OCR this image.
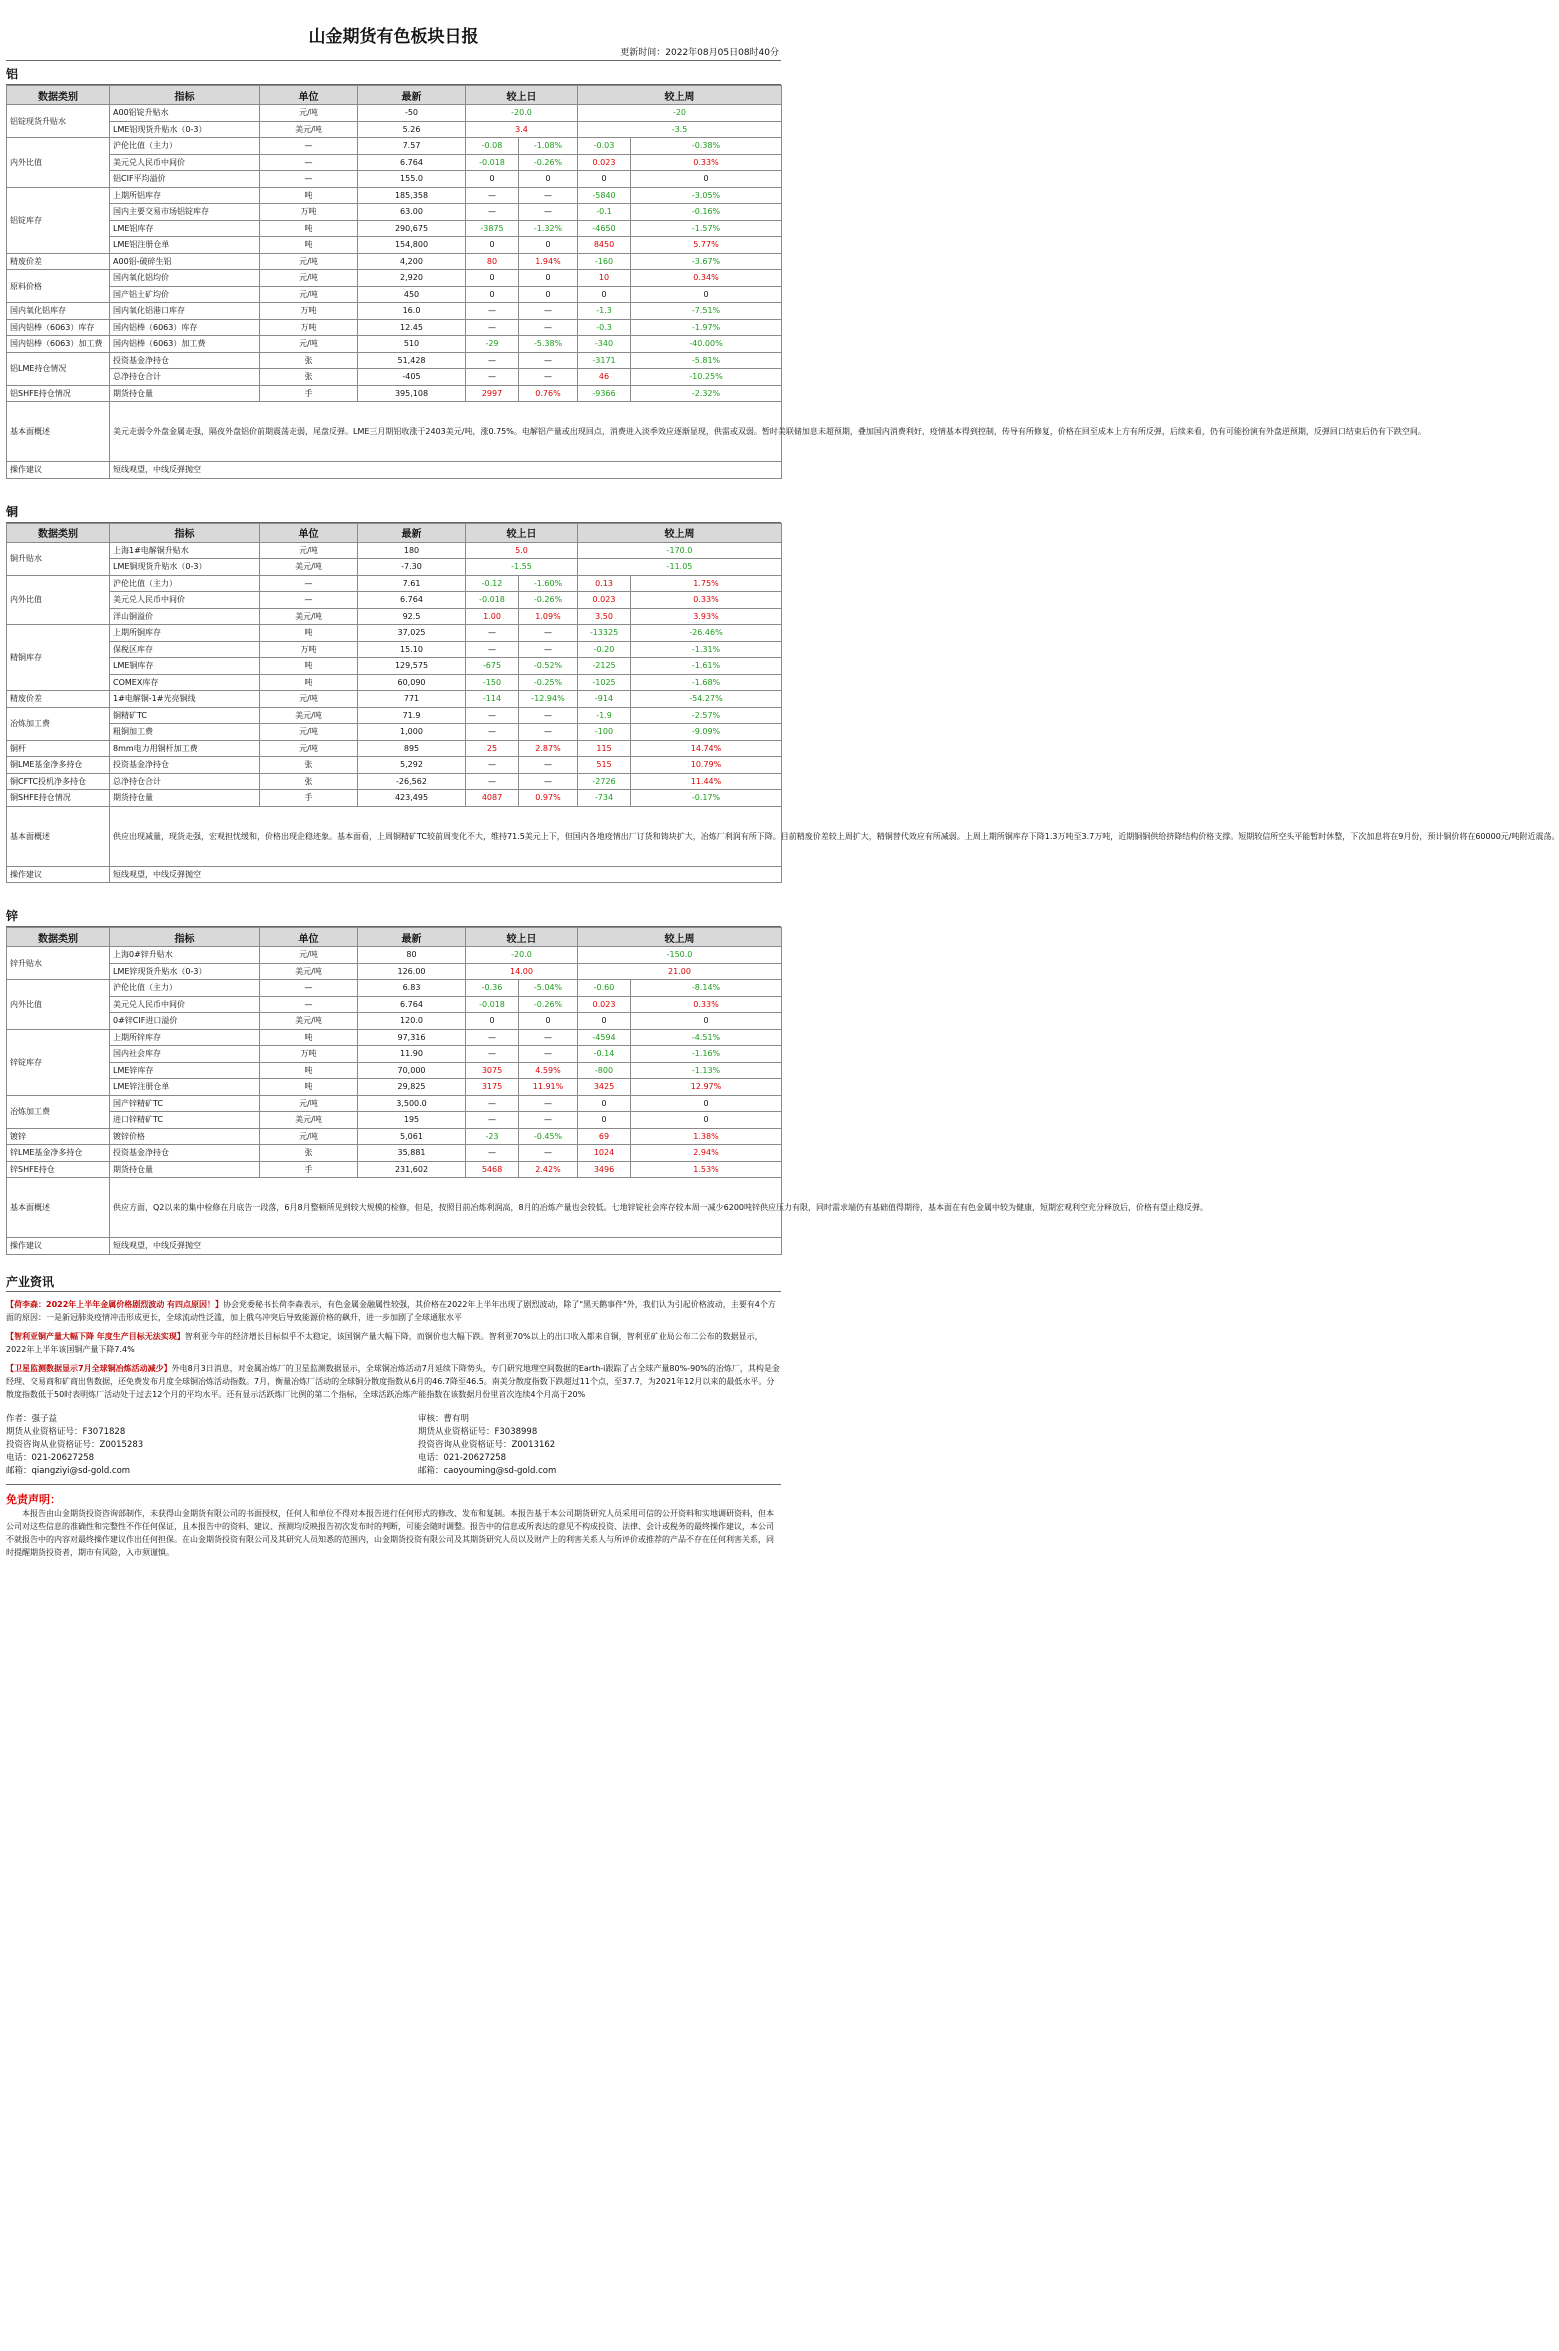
山金期货有色板块日报
更新时间：2022年08月05日08时40分
铝
数据类别	指标	单位	最新	较上日		较上周	
铝锭现货升贴水	A00铝锭升贴水	元/吨	-50	-20.0		-20	
	LME铝现货升贴水（0-3）	美元/吨	5.26	3.4		-3.5	
内外比值	沪伦比值（主力）	—	7.57	-0.08	-1.08%	-0.03	-0.38%
	美元兑人民币中间价	—	6.764	-0.018	-0.26%	0.023	0.33%
	铝CIF平均溢价	—	155.0	0	0	0	0
铝锭库存	上期所铝库存	吨	185,358	—	—	-5840	-3.05%
	国内主要交易市场铝锭库存	万吨	63.00	—	—	-0.1	-0.16%
	LME铝库存	吨	290,675	-3875	-1.32%	-4650	-1.57%
	LME铝注册仓单	吨	154,800	0	0	8450	5.77%
精废价差	A00铝-破碎生铝	元/吨	4,200	80	1.94%	-160	-3.67%
原料价格	国内氧化铝均价	元/吨	2,920	0	0	10	0.34%
	国产铝土矿均价	元/吨	450	0	0	0	0
国内氧化铝库存	国内氧化铝港口库存	万吨	16.0	—	—	-1.3	-7.51%
国内铝棒（6063）库存	国内铝棒（6063）库存	万吨	12.45	—	—	-0.3	-1.97%
国内铝棒（6063）加工费	国内铝棒（6063）加工费	元/吨	510	-29	-5.38%	-340	-40.00%
铝LME持仓情况	投资基金净持仓	张	51,428	—	—	-3171	-5.81%
	总净持仓合计	张	-405	—	—	46	-10.25%
铝SHFE持仓情况	期货持仓量	手	395,108	2997	0.76%	-9366	-2.32%
基本面概述	美元走弱令外盘金属走强，隔夜外盘铝价前期震荡走弱，尾盘反弹。LME三月期铝收涨于2403美元/吨，涨0.75%。电解铝产量或出现回点，消费进入淡季效应逐渐显现，供需或双弱。暂时美联储加息未超预期，叠加国内消费利好，疫情基本得到控制，传导有所修复，价格在回至成本上方有所反弹，后续来看，仍有可能扮演有外盘逆预期，反弹回口结束后仍有下跌空间。						
操作建议	短线观望，中线反弹抛空						
铜
数据类别	指标	单位	最新	较上日		较上周	
铜升贴水	上海1#电解铜升贴水	元/吨	180	5.0		-170.0	
	LME铜现货升贴水（0-3）	美元/吨	-7.30	-1.55		-11.05	
内外比值	沪伦比值（主力）	—	7.61	-0.12	-1.60%	0.13	1.75%
	美元兑人民币中间价	—	6.764	-0.018	-0.26%	0.023	0.33%
	洋山铜溢价	美元/吨	92.5	1.00	1.09%	3.50	3.93%
精铜库存	上期所铜库存	吨	37,025	—	—	-13325	-26.46%
	保税区库存	万吨	15.10	—	—	-0.20	-1.31%
	LME铜库存	吨	129,575	-675	-0.52%	-2125	-1.61%
	COMEX库存	吨	60,090	-150	-0.25%	-1025	-1.68%
精废价差	1#电解铜-1#光亮铜线	元/吨	771	-114	-12.94%	-914	-54.27%
冶炼加工费	铜精矿TC	美元/吨	71.9	—	—	-1.9	-2.57%
	粗铜加工费	元/吨	1,000	—	—	-100	-9.09%
铜杆	8mm电力用铜杆加工费	元/吨	895	25	2.87%	115	14.74%
铜LME基金净多持仓	投资基金净持仓	张	5,292	—	—	515	10.79%
铜CFTC投机净多持仓	总净持仓合计	张	-26,562	—	—	-2726	11.44%
铜SHFE持仓情况	期货持仓量	手	423,495	4087	0.97%	-734	-0.17%
基本面概述	供应出现减量，现货走强，宏观担忧缓和，价格出现企稳迹象。基本面看，上周铜精矿TC较前周变化不大，维持71.5美元上下，但国内各地疫情出厂订货和铸块扩大，冶炼厂利润有所下降。目前精废价差较上周扩大，精铜替代效应有所减弱。上周上期所铜库存下降1.3万吨至3.7万吨，近期铜铜供给挤降结构价格支撑。短期较信所空头平能暂时休整，下次加息将在9月份，预计铜价将在60000元/吨附近震荡。						
操作建议	短线观望，中线反弹抛空						
锌
数据类别	指标	单位	最新	较上日		较上周	
锌升贴水	上海0#锌升贴水	元/吨	80	-20.0		-150.0	
	LME锌现货升贴水（0-3）	美元/吨	126.00	14.00		21.00	
内外比值	沪伦比值（主力）	—	6.83	-0.36	-5.04%	-0.60	-8.14%
	美元兑人民币中间价	—	6.764	-0.018	-0.26%	0.023	0.33%
	0#锌CIF进口溢价	美元/吨	120.0	0	0	0	0
锌锭库存	上期所锌库存	吨	97,316	—	—	-4594	-4.51%
	国内社会库存	万吨	11.90	—	—	-0.14	-1.16%
	LME锌库存	吨	70,000	3075	4.59%	-800	-1.13%
	LME锌注册仓单	吨	29,825	3175	11.91%	3425	12.97%
冶炼加工费	国产锌精矿TC	元/吨	3,500.0	—	—	0	0
	进口锌精矿TC	美元/吨	195	—	—	0	0
镀锌	镀锌价格	元/吨	5,061	-23	-0.45%	69	1.38%
锌LME基金净多持仓	投资基金净持仓	张	35,881	—	—	1024	2.94%
锌SHFE持仓	期货持仓量	手	231,602	5468	2.42%	3496	1.53%
基本面概述	供应方面，Q2以来的集中检修在月底告一段落，6月8月整顿所见到较大规模的检修，但是，按照目前冶炼利润高，8月的冶炼产量也会较低。七地锌锭社会库存较本周一减少6200吨锌供应压力有限，同时需求端仍有基础值得期待，基本面在有色金属中较为健康，短期宏观利空充分释放后，价格有望止稳反弹。						
操作建议	短线观望，中线反弹抛空						
产业资讯
【荷李森：2022年上半年金属价格剧烈波动 有四点原因！】协会党委秘书长荷李森表示，有色金属金融属性较强，其价格在2022年上半年出现了剧烈波动，除了"黑天鹅事件"外，我们认为引起价格波动，主要有4个方面的原因：一是新冠肺炎疫情冲击形成更长，全球流动性泛滥，加上俄乌冲突后导致能源价格的飙升，进一步加剧了全球通胀水平
【智利亚铜产量大幅下降 年度生产目标无法实现】智利亚今年的经济增长目标似乎不太稳定，该国铜产量大幅下降，而铜价也大幅下跌。智利亚70%以上的出口收入都来自铜，智利亚矿业局公布二公布的数据显示，2022年上半年该国铜产量下降7.4%
【卫星监测数据显示7月全球铜冶炼活动减少】外电8月3日消息，对金属冶炼厂的卫星监测数据显示，全球铜冶炼活动7月延续下降势头，专门研究地理空间数据的Earth-i跟踪了占全球产量80%-90%的冶炼厂，其构是金经理、交易商和矿商出售数据，还免费发布月度全球铜冶炼活动指数。7月，衡量冶炼厂活动的全球铜分散度指数从6月的46.7降至46.5。南美分散度指数下跌超过11个点，至37.7，为2021年12月以来的最低水平。分散度指数低于50时表明炼厂活动处于过去12个月的平均水平。还有显示活跃炼厂比例的第二个指标，全球活跃冶炼产能指数在该数据月份里首次连续4个月高于20%
作者：强子益
期货从业资格证号：F3071828
投资咨询从业资格证号：Z0015283
电话：021-20627258
邮箱：qiangziyi@sd-gold.com
审核：曹有明
期货从业资格证号：F3038998
投资咨询从业资格证号：Z0013162
电话：021-20627258
邮箱：caoyouming@sd-gold.com
免责声明：
本报告由山金期货投资咨询部制作，未获得山金期货有限公司的书面授权，任何人和单位不得对本报告进行任何形式的修改、发布和复制。本报告基于本公司期货研究人员采用可信的公开资料和实地调研资料，但本公司对这些信息的准确性和完整性不作任何保证，且本报告中的资料、建议、预测均反映报告初次发布时的判断，可能会随时调整。报告中的信息或所表达的意见不构成投资、法律、会计或税务的最终操作建议，本公司不就报告中的内容对最终操作建议作出任何担保。在山金期货投资有限公司及其研究人员知悉的范围内，山金期货投资有限公司及其期货研究人员以及财产上的利害关系人与所评价或推荐的产品不存在任何利害关系，同时提醒期货投资者，期市有风险，入市须谨慎。
